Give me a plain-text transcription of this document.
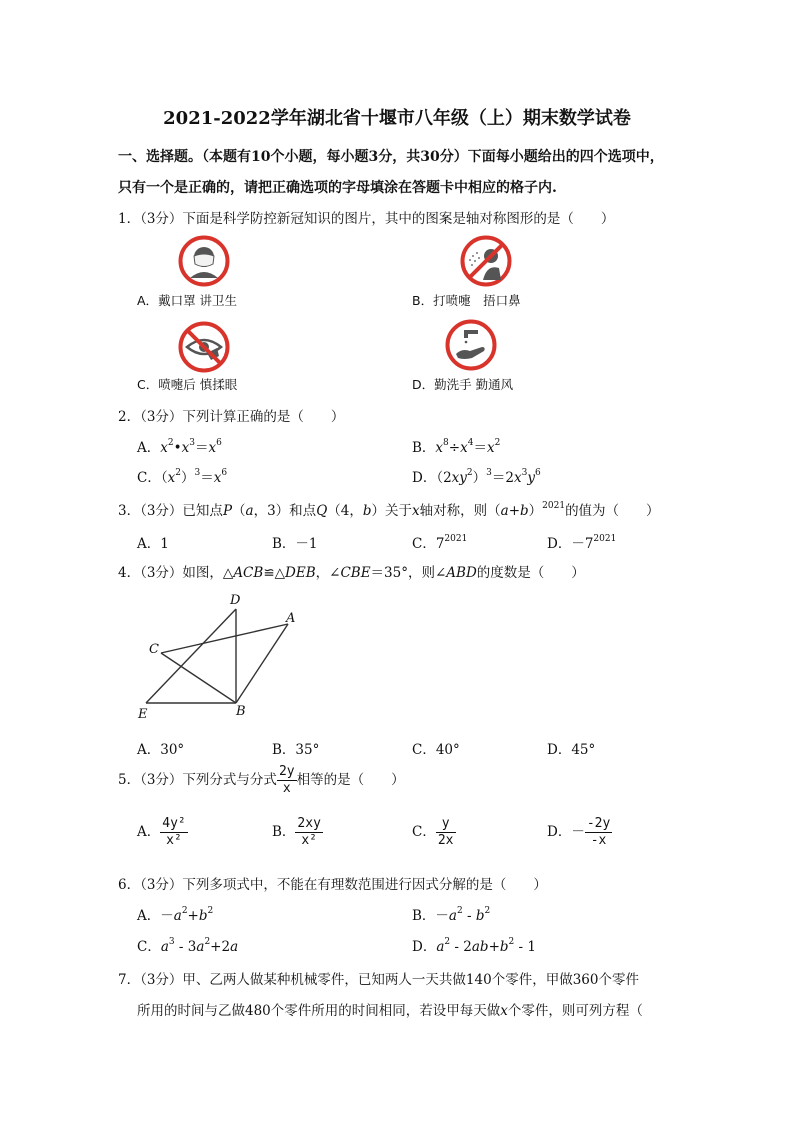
2021-2022学年湖北省十堰市八年级（上）期末数学试卷
一、选择题。（本题有10个小题，每小题3分，共30分）下面每小题给出的四个选项中，
只有一个是正确的，请把正确选项的字母填涂在答题卡中相应的格子内.
1．（3分）下面是科学防控新冠知识的图片，其中的图案是轴对称图形的是（　　）
A．戴口罩 讲卫生	B．打喷嚏　捂口鼻
C．喷嚏后 慎揉眼	D．勤洗手 勤通风
2．（3分）下列计算正确的是（　　）
A．$x^2•x^3=x^6$	B．$x^8\div x^4=x^2$
C．$(x^2)^3=x^6$	D．$(2xy^2)^3=2x^3y^6$
3．（3分）已知点P（a，3）和点Q（4，b）关于x轴对称，则$(a+b)^{2021}$的值为（　　）
A．1	B．－1	C．$7^{2021}$	D．$-7^{2021}$
4．（3分）如图，△ACB≌△DEB，∠CBE＝35°，则∠ABD的度数是（　　）
D
A
C
E	B
A．30°	B．35°	C．40°	D．45°
5．（3分）下列分式与分式 $\frac{2y}{x}$ 相等的是（　　）
A． $\frac{\text{4y²}}{\text{x²}}$	B． $\frac{2xy}{\text{x²}}$	C． $\frac{y}{2x}$	D．－ $\frac{-2y}{-x}$
6．（3分）下列多项式中，不能在有理数范围进行因式分解的是（　　）
A．$-a^2+b^2$	B．$-a^2 - b^2$
C．$a^3 - 3a^2+2a$	D．$a^2 - 2ab+b^2 - 1$
7．（3分）甲、乙两人做某种机械零件，已知两人一天共做140个零件，甲做360个零件
所用的时间与乙做480个零件所用的时间相同，若设甲每天做x个零件，则可列方程（
